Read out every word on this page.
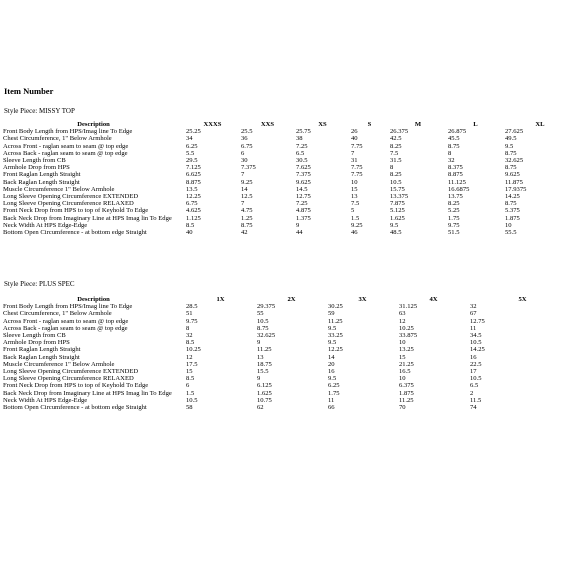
Item Number
Style Piece: MISSY TOP
Description	XXXS	XXS	XS	S	M	L	XL
Front Body Length from HPS/Imag line To Edge	25.25	25.5	25.75	26	26.375	26.875	27.625
Chest Circumference, 1" Below Armhole	34	36	38	40	42.5	45.5	49.5
Across Front - raglan seam to seam @ top edge	6.25	6.75	7.25	7.75	8.25	8.75	9.5
Across Back - raglan seam to seam @ top edge	5.5	6	6.5	7	7.5	8	8.75
Sleeve Length from CB	29.5	30	30.5	31	31.5	32	32.625
Armhole Drop from HPS	7.125	7.375	7.625	7.75	8	8.375	8.75
Front Raglan Length Straight	6.625	7	7.375	7.75	8.25	8.875	9.625
Back Raglan Length Straight	8.875	9.25	9.625	10	10.5	11.125	11.875
Muscle Circumference 1" Below Armhole	13.5	14	14.5	15	15.75	16.6875	17.9375
Long Sleeve Opening Circumference EXTENDED	12.25	12.5	12.75	13	13.375	13.75	14.25
Long Sleeve Opening Circumference RELAXED	6.75	7	7.25	7.5	7.875	8.25	8.75
Front Neck Drop from HPS to top of Keyhold To Edge	4.625	4.75	4.875	5	5.125	5.25	5.375
Back Neck Drop from Imaginary Line at HPS Imag lin To Edge	1.125	1.25	1.375	1.5	1.625	1.75	1.875
Neck Width At HPS Edge-Edge	8.5	8.75	9	9.25	9.5	9.75	10
Bottom Open Circumference - at bottom edge Straight	40	42	44	46	48.5	51.5	55.5
Style Piece: PLUS SPEC
Description	1X	2X	3X	4X	5X
Front Body Length from HPS/Imag line To Edge	28.5	29.375	30.25	31.125	32
Chest Circumference, 1" Below Armhole	51	55	59	63	67
Across Front - raglan seam to seam @ top edge	9.75	10.5	11.25	12	12.75
Across Back - raglan seam to seam @ top edge	8	8.75	9.5	10.25	11
Sleeve Length from CB	32	32.625	33.25	33.875	34.5
Armhole Drop from HPS	8.5	9	9.5	10	10.5
Front Raglan Length Straight	10.25	11.25	12.25	13.25	14.25
Back Raglan Length Straight	12	13	14	15	16
Muscle Circumference 1" Below Armhole	17.5	18.75	20	21.25	22.5
Long Sleeve Opening Circumference EXTENDED	15	15.5	16	16.5	17
Long Sleeve Opening Circumference RELAXED	8.5	9	9.5	10	10.5
Front Neck Drop from HPS to top of Keyhold To Edge	6	6.125	6.25	6.375	6.5
Back Neck Drop from Imaginary Line at HPS Imag lin To Edge	1.5	1.625	1.75	1.875	2
Neck Width At HPS Edge-Edge	10.5	10.75	11	11.25	11.5
Bottom Open Circumference - at bottom edge Straight	58	62	66	70	74
